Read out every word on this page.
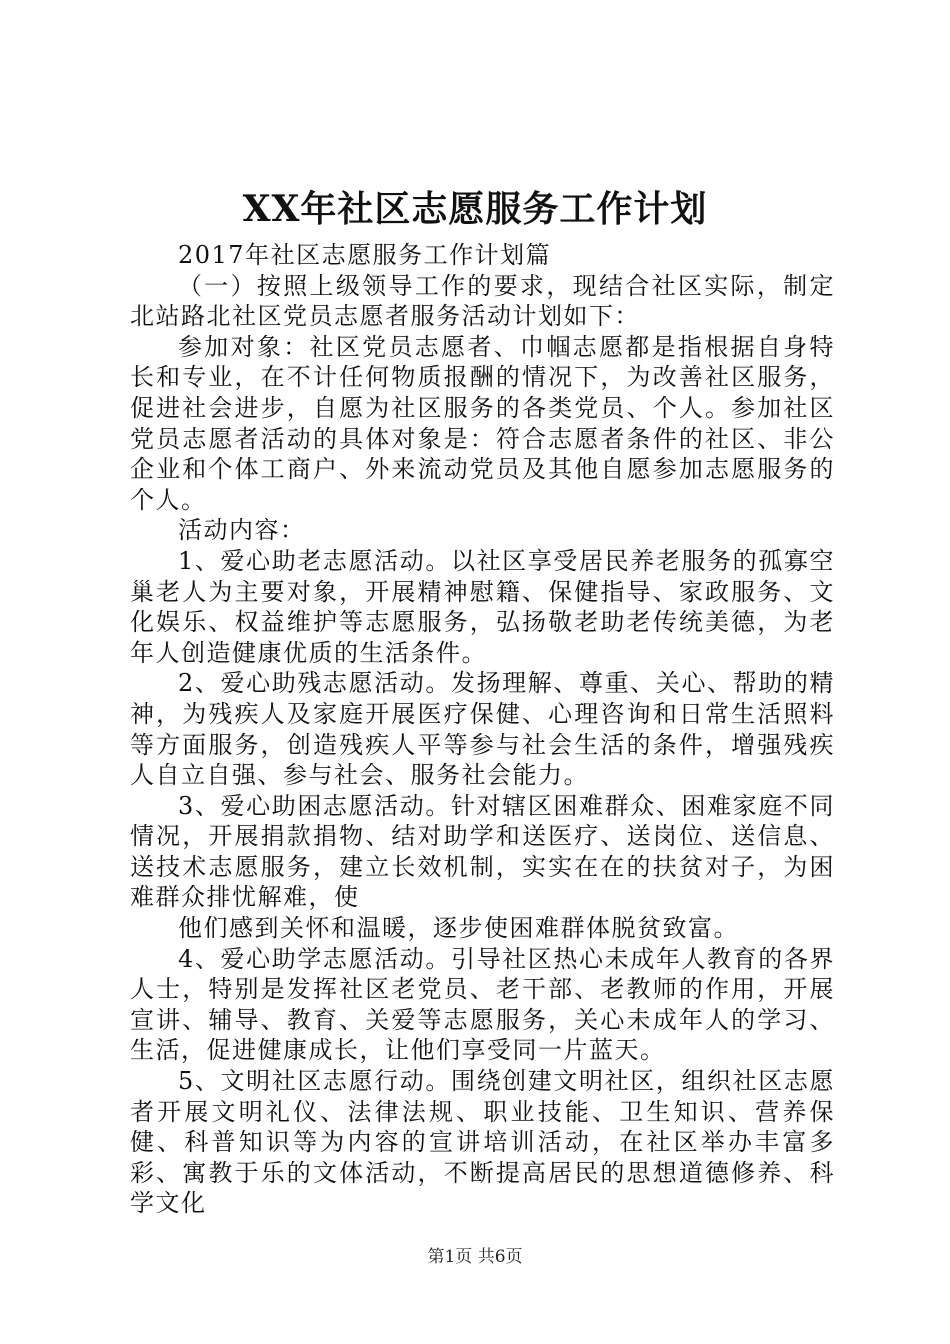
XX年社区志愿服务工作计划

2017年社区志愿服务工作计划篇

（一）按照上级领导工作的要求，现结合社区实际，制定北站路北社区党员志愿者服务活动计划如下：

参加对象：社区党员志愿者、巾帼志愿都是指根据自身特长和专业，在不计任何物质报酬的情况下，为改善社区服务，促进社会进步，自愿为社区服务的各类党员、个人。参加社区党员志愿者活动的具体对象是：符合志愿者条件的社区、非公企业和个体工商户、外来流动党员及其他自愿参加志愿服务的个人。

活动内容：

1、爱心助老志愿活动。以社区享受居民养老服务的孤寡空巢老人为主要对象，开展精神慰籍、保健指导、家政服务、文化娱乐、权益维护等志愿服务，弘扬敬老助老传统美德，为老年人创造健康优质的生活条件。

2、爱心助残志愿活动。发扬理解、尊重、关心、帮助的精神，为残疾人及家庭开展医疗保健、心理咨询和日常生活照料等方面服务，创造残疾人平等参与社会生活的条件，增强残疾人自立自强、参与社会、服务社会能力。

3、爱心助困志愿活动。针对辖区困难群众、困难家庭不同情况，开展捐款捐物、结对助学和送医疗、送岗位、送信息、送技术志愿服务，建立长效机制，实实在在的扶贫对子，为困难群众排忧解难，使

他们感到关怀和温暖，逐步使困难群体脱贫致富。

4、爱心助学志愿活动。引导社区热心未成年人教育的各界人士，特别是发挥社区老党员、老干部、老教师的作用，开展宣讲、辅导、教育、关爱等志愿服务，关心未成年人的学习、生活，促进健康成长，让他们享受同一片蓝天。

5、文明社区志愿行动。围绕创建文明社区，组织社区志愿者开展文明礼仪、法律法规、职业技能、卫生知识、营养保健、科普知识等为内容的宣讲培训活动，在社区举办丰富多彩、寓教于乐的文体活动，不断提高居民的思想道德修养、科学文化

第1页 共6页
